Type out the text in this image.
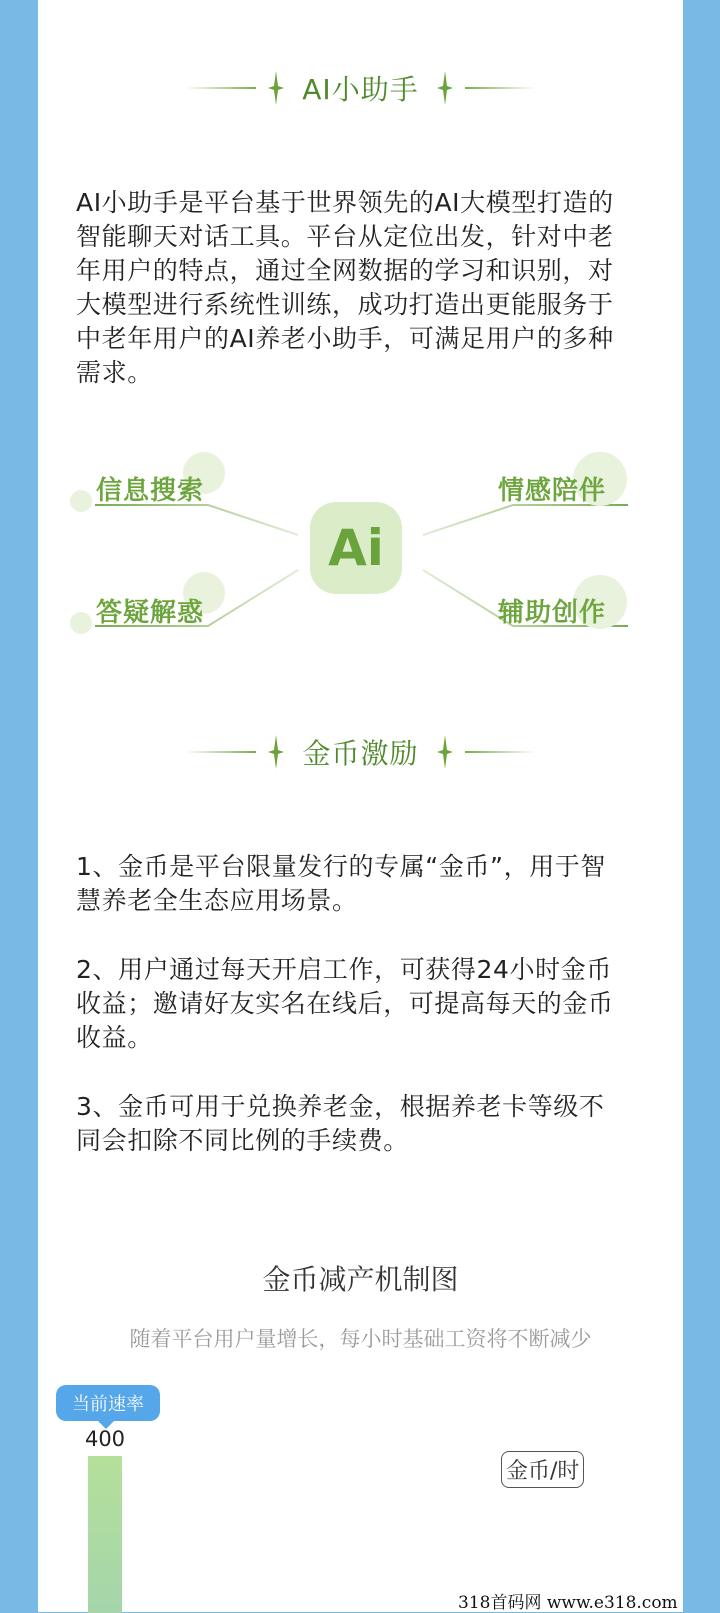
AI小助手
AI小助手是平台基于世界领先的AI大模型打造的
智能聊天对话工具。平台从定位出发，针对中老
年用户的特点，通过全网数据的学习和识别，对
大模型进行系统性训练，成功打造出更能服务于
中老年用户的AI养老小助手，可满足用户的多种
需求。
信息搜索	情感陪伴
答疑解惑	辅助创作
Ai
金币激励
1、金币是平台限量发行的专属“金币”，用于智
慧养老全生态应用场景。
2、用户通过每天开启工作，可获得24小时金币
收益；邀请好友实名在线后，可提高每天的金币
收益。
3、金币可用于兑换养老金，根据养老卡等级不
同会扣除不同比例的手续费。
金币减产机制图
随着平台用户量增长，每小时基础工资将不断减少
当前速率
金币/时
400
318首码网 www.e318.com
